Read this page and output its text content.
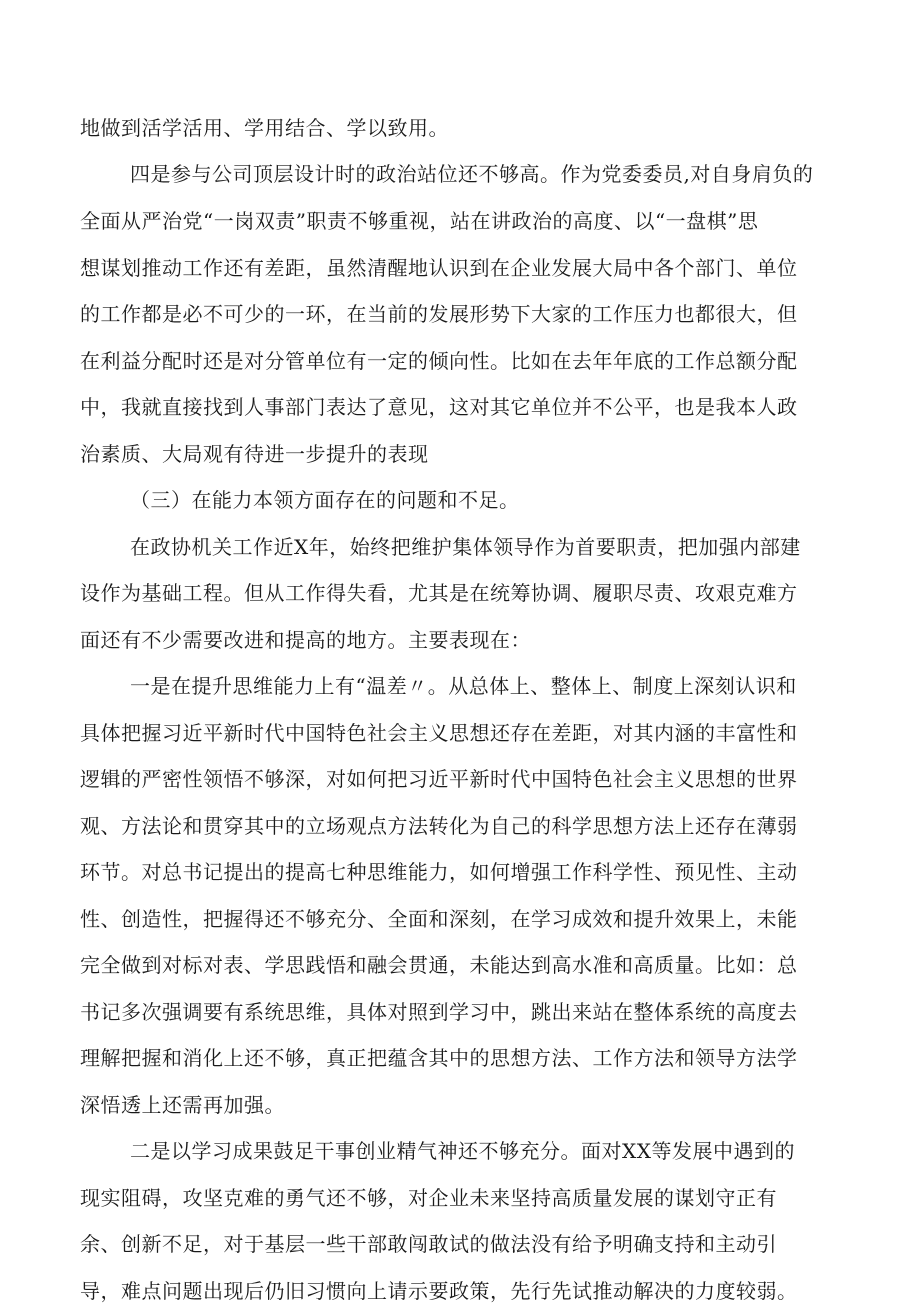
地做到活学活用、学用结合、学以致用。
四是参与公司顶层设计时的政治站位还不够高。作为党委委员,对自身肩负的
全面从严治党“一岗双责”职责不够重视，站在讲政治的高度、以“一盘棋”思
想谋划推动工作还有差距，虽然清醒地认识到在企业发展大局中各个部门、单位
的工作都是必不可少的一环，在当前的发展形势下大家的工作压力也都很大，但
在利益分配时还是对分管单位有一定的倾向性。比如在去年年底的工作总额分配
中，我就直接找到人事部门表达了意见，这对其它单位并不公平，也是我本人政
治素质、大局观有待进一步提升的表现
（三）在能力本领方面存在的问题和不足。
在政协机关工作近X年，始终把维护集体领导作为首要职责，把加强内部建
设作为基础工程。但从工作得失看，尤其是在统筹协调、履职尽责、攻艰克难方
面还有不少需要改进和提高的地方。主要表现在：
一是在提升思维能力上有“温差〃。从总体上、整体上、制度上深刻认识和
具体把握习近平新时代中国特色社会主义思想还存在差距，对其内涵的丰富性和
逻辑的严密性领悟不够深，对如何把习近平新时代中国特色社会主义思想的世界
观、方法论和贯穿其中的立场观点方法转化为自己的科学思想方法上还存在薄弱
环节。对总书记提出的提高七种思维能力，如何增强工作科学性、预见性、主动
性、创造性，把握得还不够充分、全面和深刻，在学习成效和提升效果上，未能
完全做到对标对表、学思践悟和融会贯通，未能达到高水准和高质量。比如：总
书记多次强调要有系统思维，具体对照到学习中，跳出来站在整体系统的高度去
理解把握和消化上还不够，真正把蕴含其中的思想方法、工作方法和领导方法学
深悟透上还需再加强。
二是以学习成果鼓足干事创业精气神还不够充分。面对XX等发展中遇到的
现实阻碍，攻坚克难的勇气还不够，对企业未来坚持高质量发展的谋划守正有
余、创新不足，对于基层一些干部敢闯敢试的做法没有给予明确支持和主动引
导，难点问题出现后仍旧习惯向上请示要政策，先行先试推动解决的力度较弱。
